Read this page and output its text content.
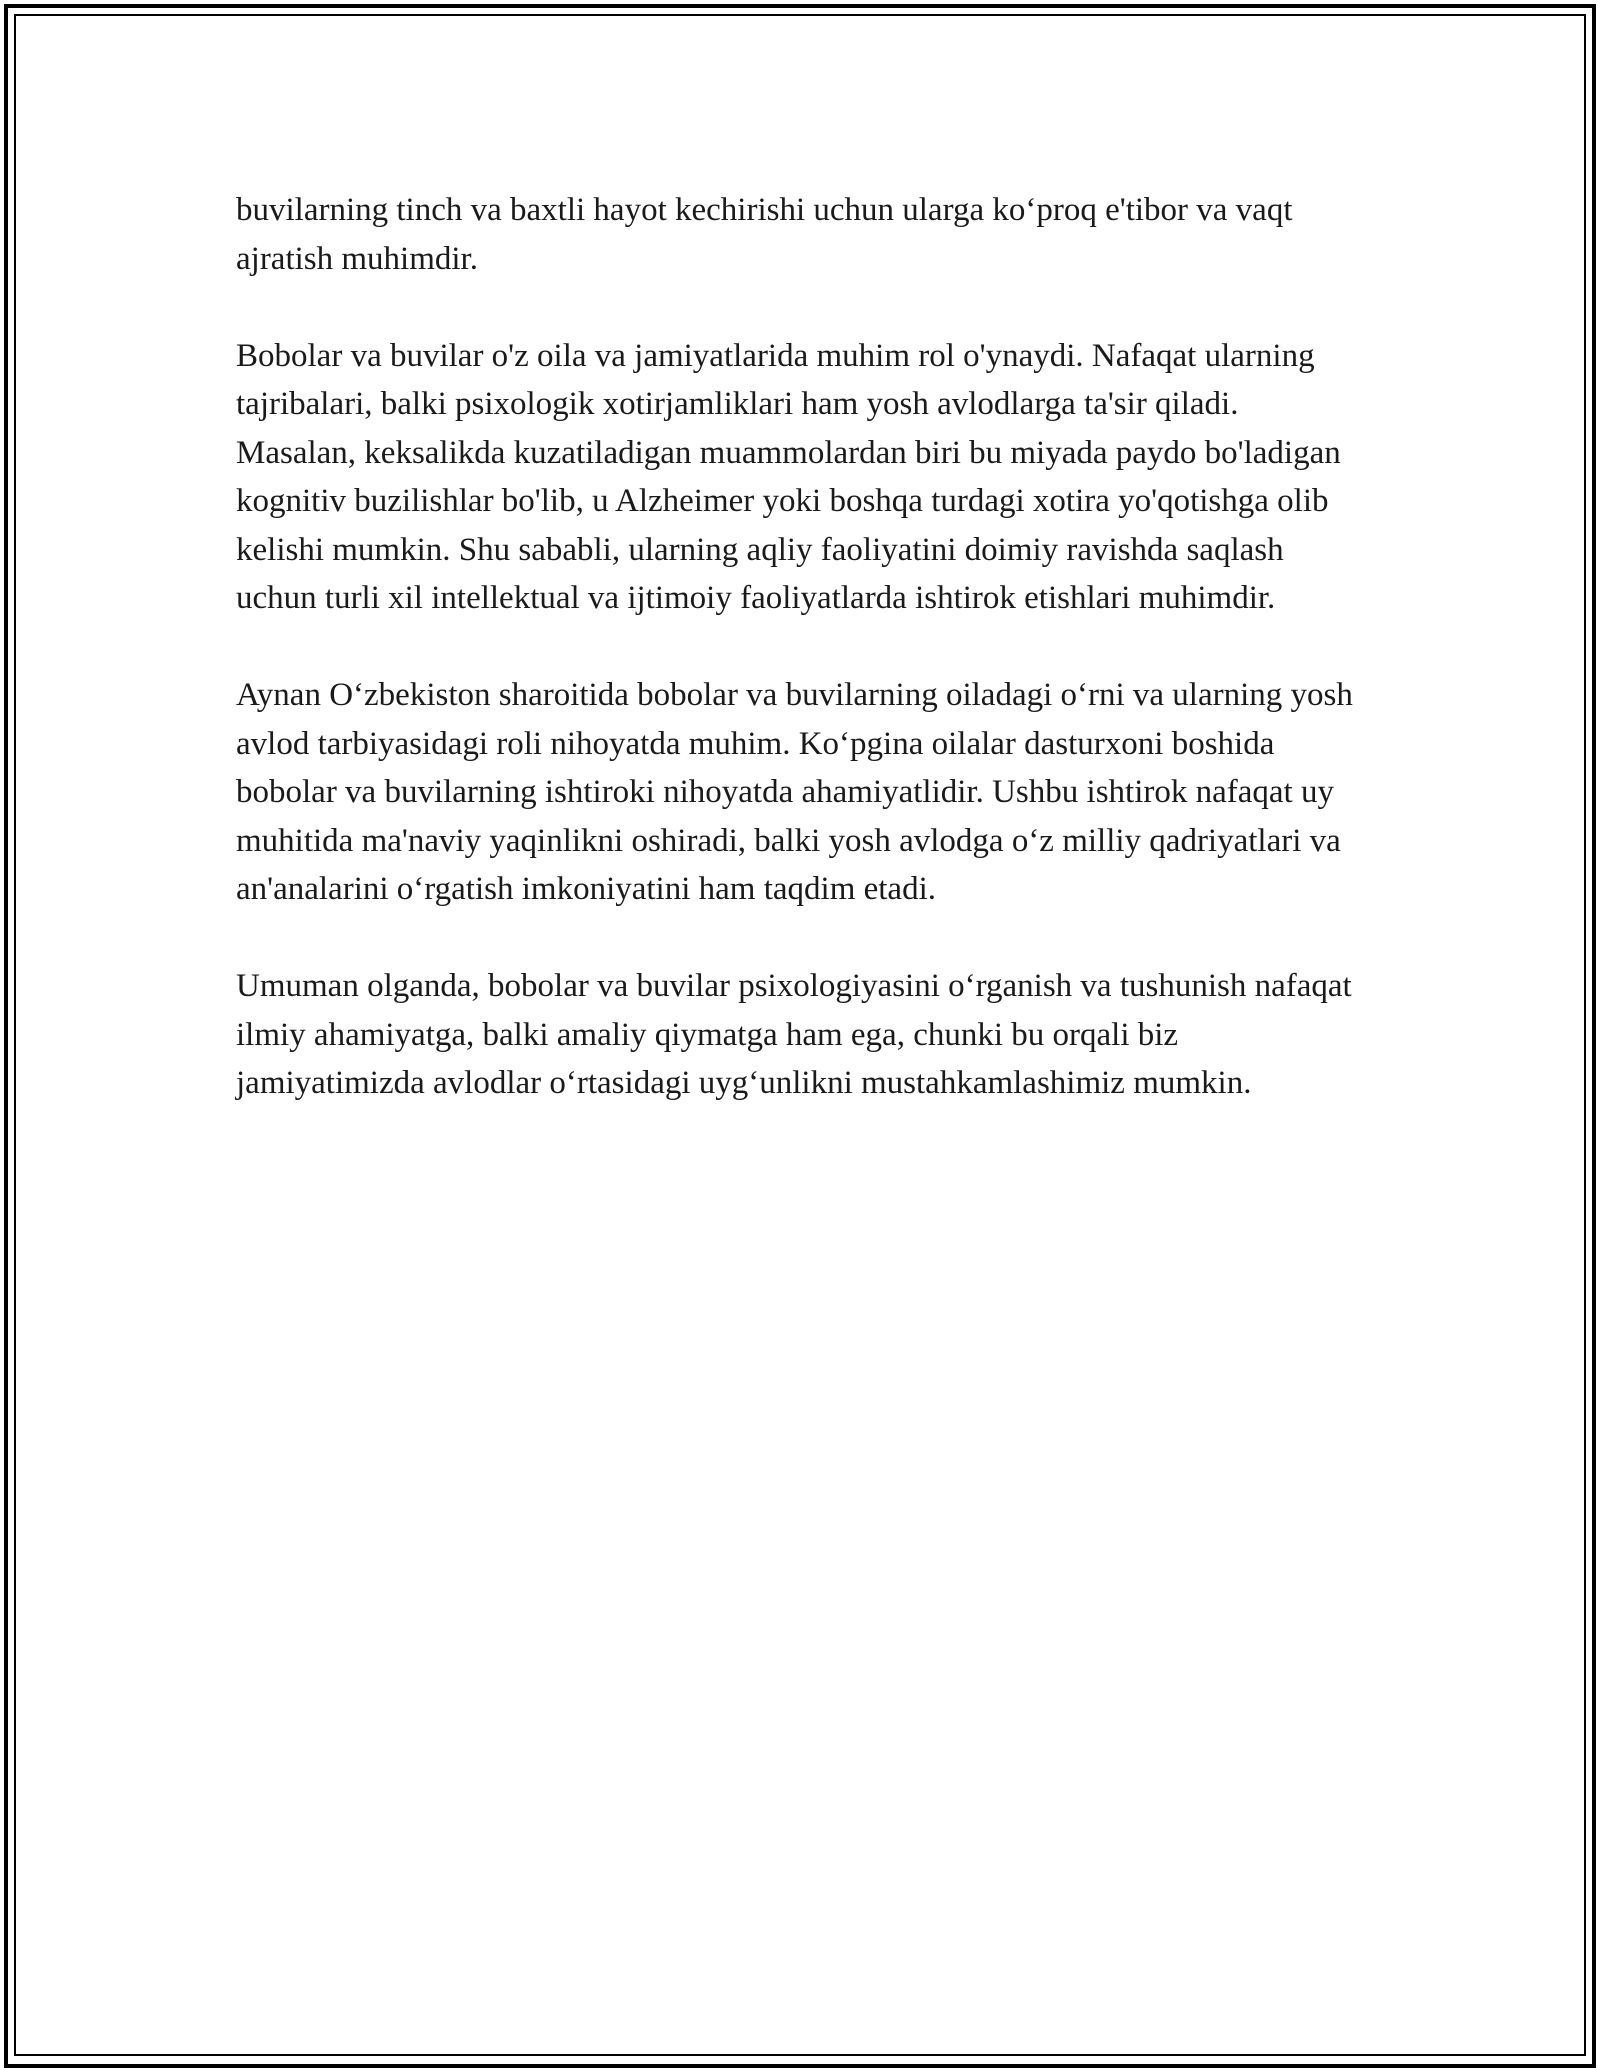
buvilarning tinch va baxtli hayot kechirishi uchun ularga ko‘proq e'tibor va vaqt ajratish muhimdir.

Bobolar va buvilar o'z oila va jamiyatlarida muhim rol o'ynaydi. Nafaqat ularning tajribalari, balki psixologik xotirjamliklari ham yosh avlodlarga ta'sir qiladi. Masalan, keksalikda kuzatiladigan muammolardan biri bu miyada paydo bo'ladigan kognitiv buzilishlar bo'lib, u Alzheimer yoki boshqa turdagi xotira yo'qotishga olib kelishi mumkin. Shu sababli, ularning aqliy faoliyatini doimiy ravishda saqlash uchun turli xil intellektual va ijtimoiy faoliyatlarda ishtirok etishlari muhimdir.

Aynan O‘zbekiston sharoitida bobolar va buvilarning oiladagi o‘rni va ularning yosh avlod tarbiyasidagi roli nihoyatda muhim. Ko‘pgina oilalar dasturxoni boshida bobolar va buvilarning ishtiroki nihoyatda ahamiyatlidir. Ushbu ishtirok nafaqat uy muhitida ma'naviy yaqinlikni oshiradi, balki yosh avlodga o‘z milliy qadriyatlari va an'analarini o‘rgatish imkoniyatini ham taqdim etadi.

Umuman olganda, bobolar va buvilar psixologiyasini o‘rganish va tushunish nafaqat ilmiy ahamiyatga, balki amaliy qiymatga ham ega, chunki bu orqali biz jamiyatimizda avlodlar o‘rtasidagi uyg‘unlikni mustahkamlashimiz mumkin.
